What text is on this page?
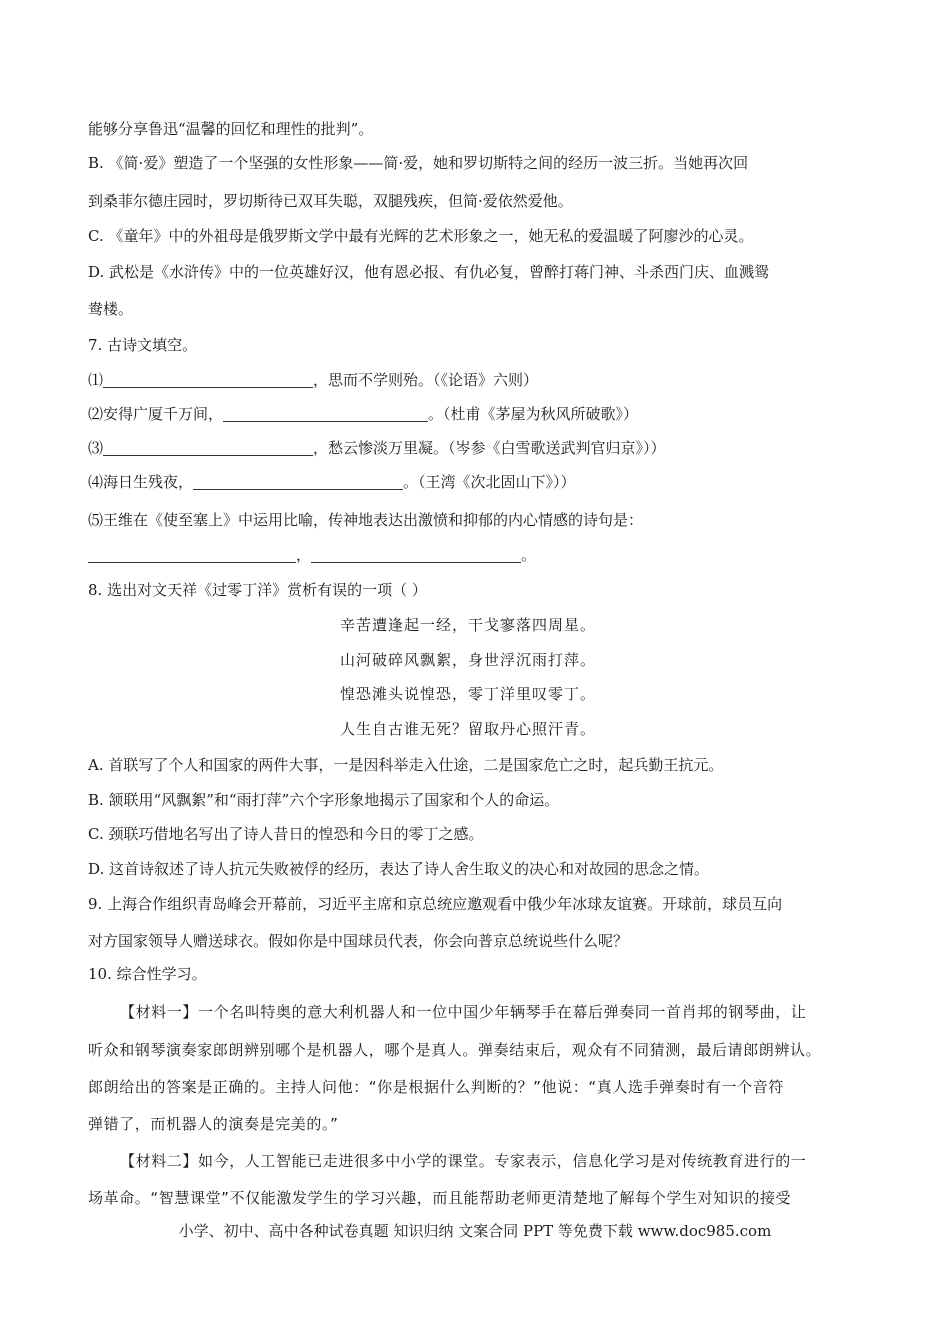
能够分享鲁迅“温馨的回忆和理性的批判”。
B. 《简·爱》塑造了一个坚强的女性形象——简·爱，她和罗切斯特之间的经历一波三折。当她再次回
到桑菲尔德庄园时，罗切斯待已双耳失聪，双腿残疾，但简·爱依然爱他。
C. 《童年》中的外祖母是俄罗斯文学中最有光辉的艺术形象之一，她无私的爱温暖了阿廖沙的心灵。
D. 武松是《水浒传》中的一位英雄好汉，他有恩必报、有仇必复，曾醉打蒋门神、斗杀西门庆、血溅鸳
鸯楼。
7. 古诗文填空。
⑴	，思而不学则殆。（《论语》六则）
⑵安得广厦千万间，	。（杜甫《茅屋为秋风所破歌》）
⑶	，愁云惨淡万里凝。（岑参《白雪歌送武判官归京》））
⑷海日生残夜，	。（王湾《次北固山下》））
⑸王维在《使至塞上》中运用比喻，传神地表达出激愤和抑郁的内心情感的诗句是：
，	。
8. 选出对文天祥《过零丁洋》赏析有误的一项（ ）
辛苦遭逢起一经，干戈寥落四周星。
山河破碎风飘絮，身世浮沉雨打萍。
惶恐滩头说惶恐，零丁洋里叹零丁。
人生自古谁无死？留取丹心照汗青。
A. 首联写了个人和国家的两件大事，一是因科举走入仕途，二是国家危亡之时，起兵勤王抗元。
B. 颔联用“风飘絮”和“雨打萍”六个字形象地揭示了国家和个人的命运。
C. 颈联巧借地名写出了诗人昔日的惶恐和今日的零丁之感。
D. 这首诗叙述了诗人抗元失败被俘的经历，表达了诗人舍生取义的决心和对故园的思念之情。
9. 上海合作组织青岛峰会开幕前，习近平主席和京总统应邀观看中俄少年冰球友谊赛。开球前，球员互向
对方国家领导人赠送球衣。假如你是中国球员代表，你会向普京总统说些什么呢？
10. 综合性学习。
【材料一】一个名叫特奥的意大利机器人和一位中国少年辆琴手在幕后弹奏同一首肖邦的钢琴曲，让
听众和钢琴演奏家郎朗辨别哪个是机器人，哪个是真人。弹奏结束后，观众有不同猜测，最后请郎朗辨认。
郎朗给出的答案是正确的。主持人问他：“你是根据什么判断的？”他说：“真人选手弹奏时有一个音符
弹错了，而机器人的演奏是完美的。”
【材料二】如今，人工智能已走进很多中小学的课堂。专家表示，信息化学习是对传统教育进行的一
场革命。“智慧课堂”不仅能激发学生的学习兴趣，而且能帮助老师更清楚地了解每个学生对知识的接受
小学、初中、高中各种试卷真题 知识归纳 文案合同 PPT 等免费下载 www.doc985.com
